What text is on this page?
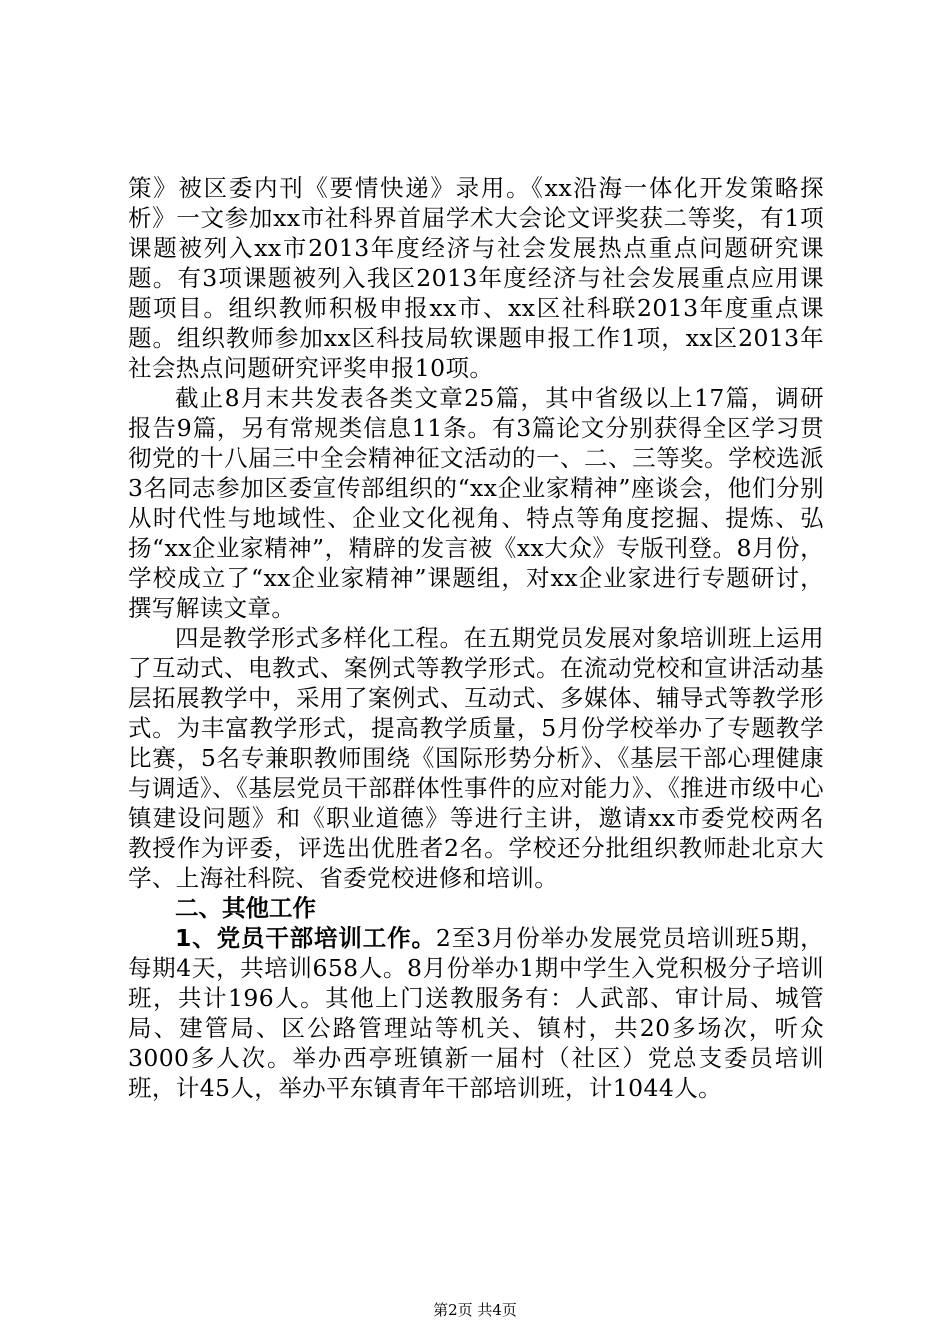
策》被区委内刊《要情快递》录用。《xx沿海一体化开发策略探析》一文参加xx市社科界首届学术大会论文评奖获二等奖，有1项课题被列入xx市2013年度经济与社会发展热点重点问题研究课题。有3项课题被列入我区2013年度经济与社会发展重点应用课题项目。组织教师积极申报xx市、xx区社科联2013年度重点课题。组织教师参加xx区科技局软课题申报工作1项，xx区2013年社会热点问题研究评奖申报10项。

截止8月末共发表各类文章25篇，其中省级以上17篇，调研报告9篇，另有常规类信息11条。有3篇论文分别获得全区学习贯彻党的十八届三中全会精神征文活动的一、二、三等奖。学校选派3名同志参加区委宣传部组织的“xx企业家精神”座谈会，他们分别从时代性与地域性、企业文化视角、特点等角度挖掘、提炼、弘扬“xx企业家精神”，精辟的发言被《xx大众》专版刊登。8月份，学校成立了“xx企业家精神”课题组，对xx企业家进行专题研讨，撰写解读文章。

四是教学形式多样化工程。在五期党员发展对象培训班上运用了互动式、电教式、案例式等教学形式。在流动党校和宣讲活动基层拓展教学中，采用了案例式、互动式、多媒体、辅导式等教学形式。为丰富教学形式，提高教学质量，5月份学校举办了专题教学比赛，5名专兼职教师围绕《国际形势分析》、《基层干部心理健康与调适》、《基层党员干部群体性事件的应对能力》、《推进市级中心镇建设问题》和《职业道德》等进行主讲，邀请xx市委党校两名教授作为评委，评选出优胜者2名。学校还分批组织教师赴北京大学、上海社科院、省委党校进修和培训。

二、其他工作

1、党员干部培训工作。2至3月份举办发展党员培训班5期，每期4天，共培训658人。8月份举办1期中学生入党积极分子培训班，共计196人。其他上门送教服务有：人武部、审计局、城管局、建管局、区公路管理站等机关、镇村，共20多场次，听众3000多人次。举办西亭班镇新一届村（社区）党总支委员培训班，计45人，举办平东镇青年干部培训班，计1044人。

第2页 共4页
